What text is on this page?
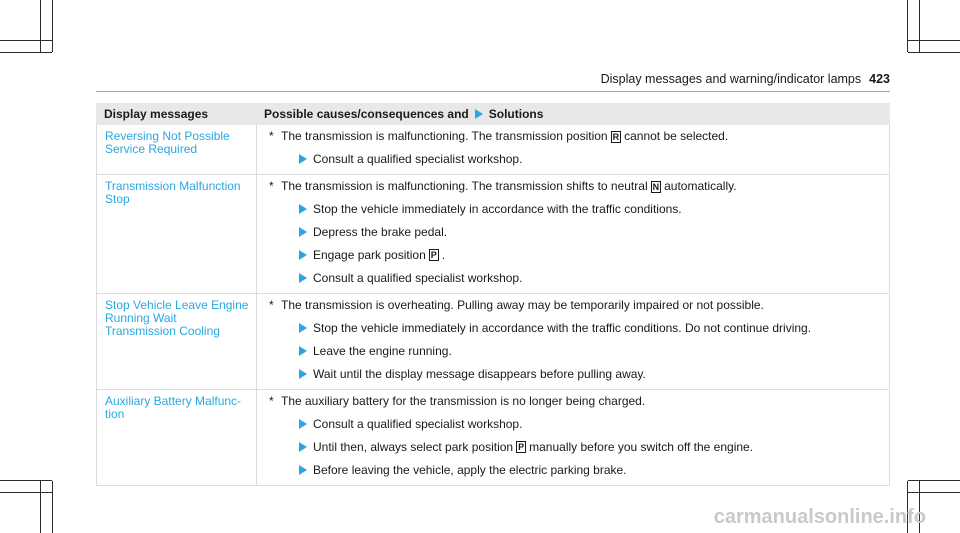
Display messages and warning/indicator lamps 423
Display messages	Possible causes/consequences and Solutions
Reversing Not Possible Service Required
* The transmission is malfunctioning. The transmission position R cannot be selected.
Consult a qualified specialist workshop.
Transmission Malfunction Stop
* The transmission is malfunctioning. The transmission shifts to neutral N automatically.
Stop the vehicle immediately in accordance with the traffic conditions.
Depress the brake pedal.
Engage park position P .
Consult a qualified specialist workshop.
Stop Vehicle Leave Engine Running Wait Transmission Cooling
* The transmission is overheating. Pulling away may be temporarily impaired or not possible.
Stop the vehicle immediately in accordance with the traffic conditions. Do not continue driving.
Leave the engine running.
Wait until the display message disappears before pulling away.
Auxiliary Battery Malfunc- tion
* The auxiliary battery for the transmission is no longer being charged.
Consult a qualified specialist workshop.
Until then, always select park position P manually before you switch off the engine.
Before leaving the vehicle, apply the electric parking brake.
carmanualsonline.info
